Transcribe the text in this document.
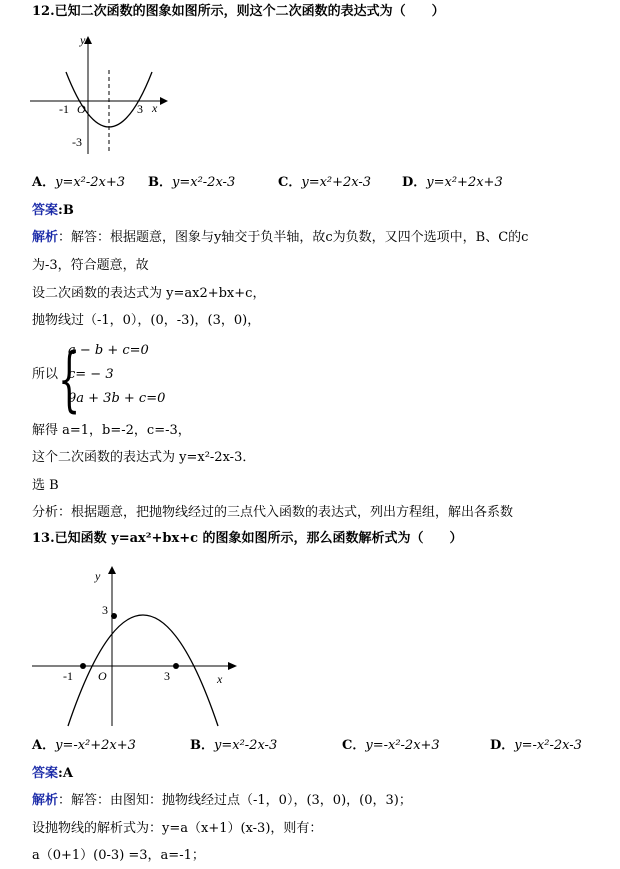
12.已知二次函数的图象如图所示，则这个二次函数的表达式为（　　）
y
x
-1 O	3
-3
A．y=x²-2x+3 B．y=x²-2x-3	C．y=x²+2x-3 D．y=x²+2x+3
答案:B
解析：解答：根据题意，图象与y轴交于负半轴，故c为负数，又四个选项中，B、C的c
为-3，符合题意，故
设二次函数的表达式为 y=ax2+bx+c，
抛物线过（-1，0），(0，-3)，(3，0)，
所以 {
a − b + c=0
c= − 3
9a + 3b + c=0
解得 a=1，b=-2，c=-3，
这个二次函数的表达式为 y=x²-2x-3．
选 B
分析：根据题意，把抛物线经过的三点代入函数的表达式，列出方程组，解出各系数
13.已知函数 y=ax²+bx+c 的图象如图所示，那么函数解析式为（　　）
y
x
-1 O	3
3
A．y=-x²+2x+3	B．y=x²-2x-3	C．y=-x²-2x+3	D．y=-x²-2x-3
答案:A
解析：解答：由图知：抛物线经过点（-1，0），(3，0)，(0，3)；
设抛物线的解析式为：y=a（x+1）(x-3)，则有：
a（0+1）(0-3) =3，a=-1；
